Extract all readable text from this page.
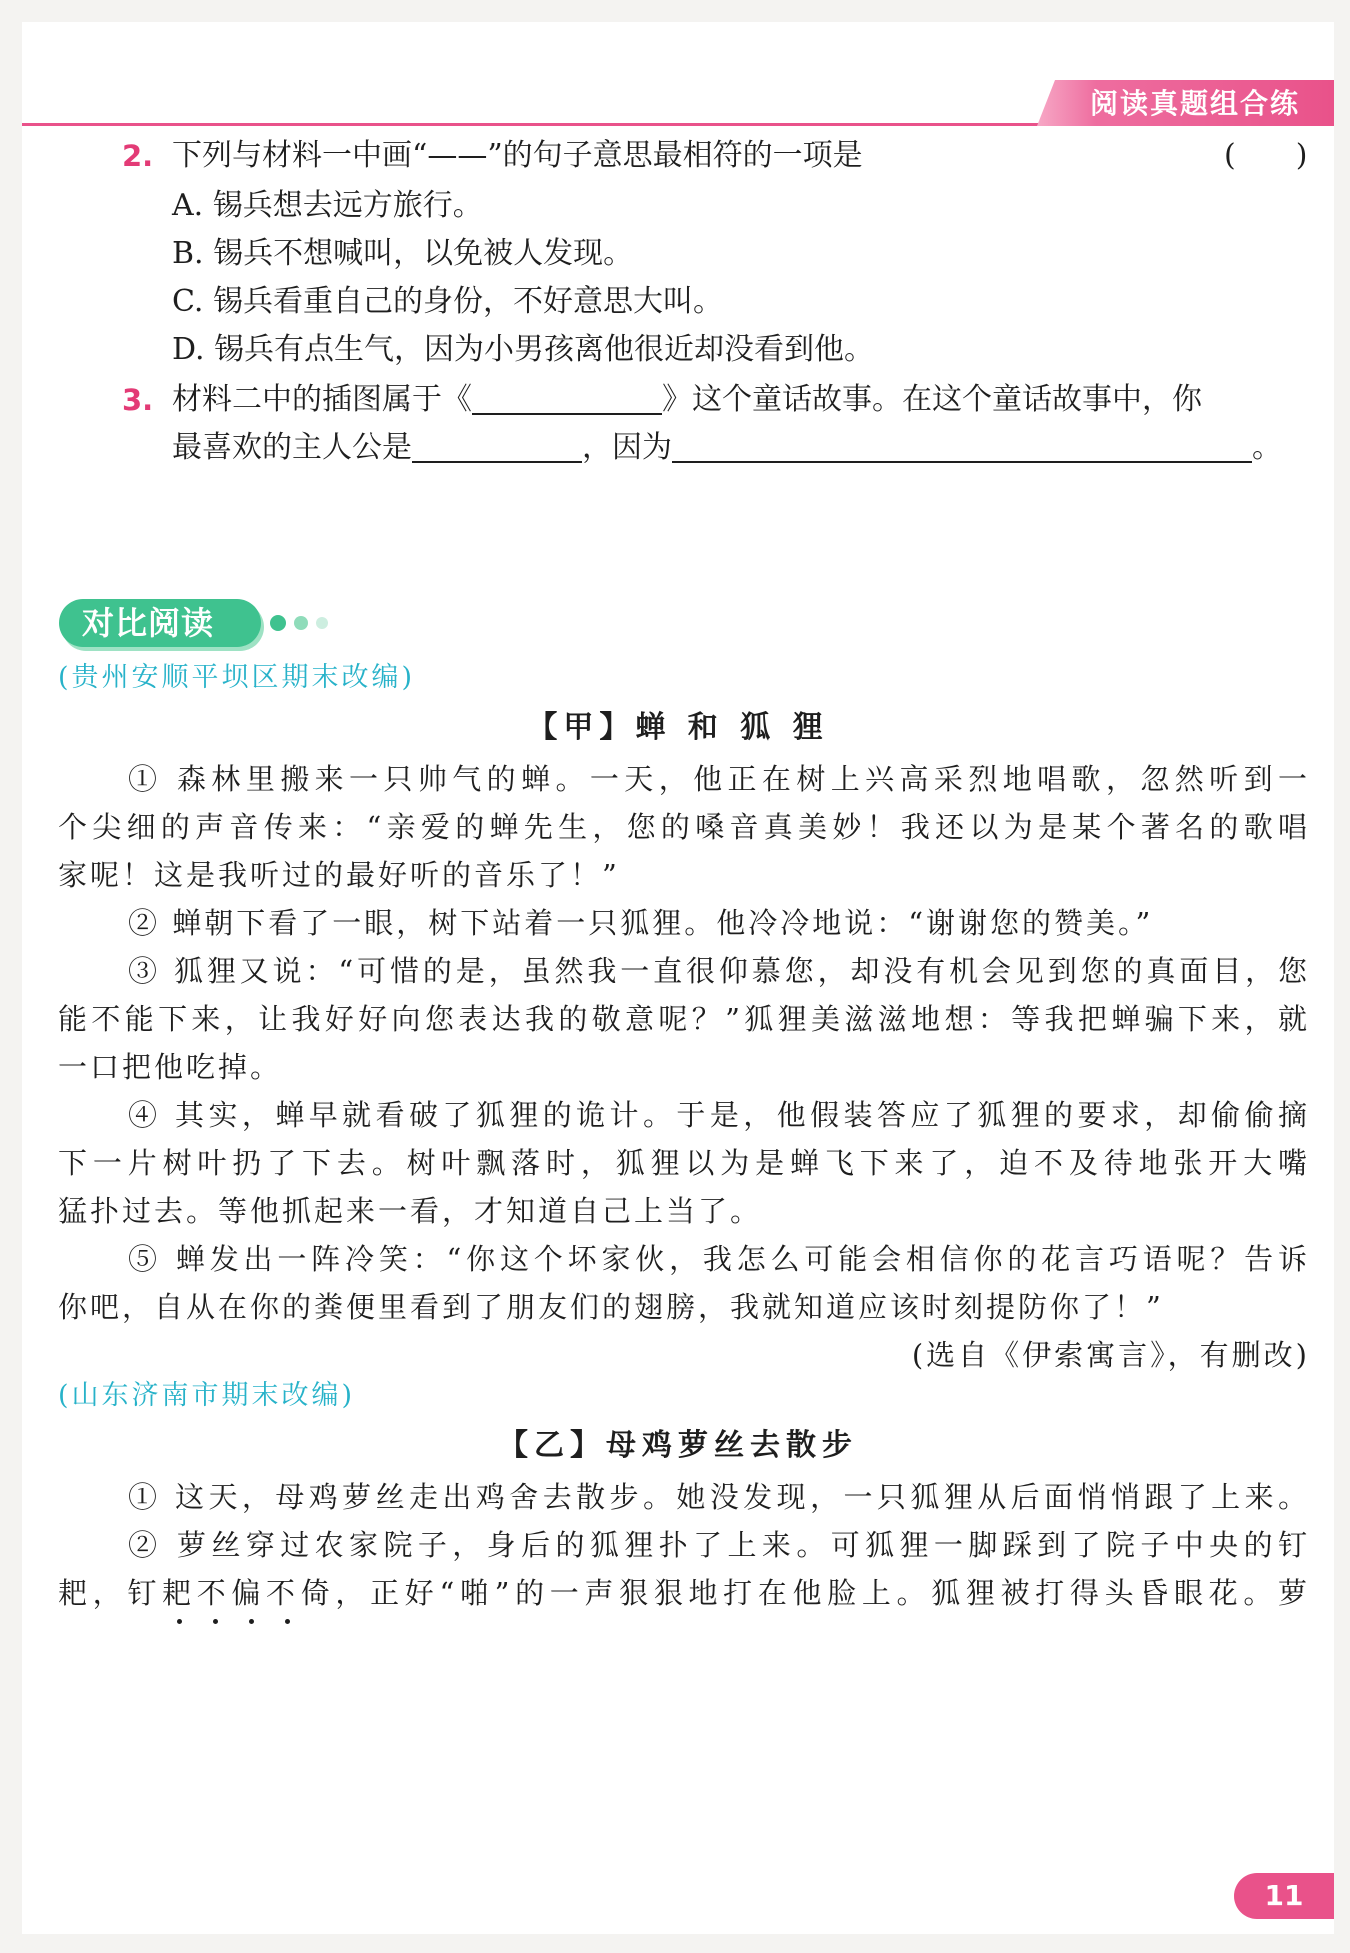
阅读真题组合练
2. 下列与材料一中画“——”的句子意思最相符的一项是	(　　)
A. 锡兵想去远方旅行。
B. 锡兵不想喊叫，以免被人发现。
C. 锡兵看重自己的身份，不好意思大叫。
D. 锡兵有点生气，因为小男孩离他很近却没看到他。
3. 材料二中的插图属于《	》这个童话故事。在这个童话故事中，你
最喜欢的主人公是	，因为	。
对比阅读
(贵州安顺平坝区期末改编)
【甲】蝉 和 狐 狸
① 森林里搬来一只帅气的蝉。一天，他正在树上兴高采烈地唱歌，忽然听到一
个尖细的声音传来：“亲爱的蝉先生，您的嗓音真美妙！我还以为是某个著名的歌唱
家呢！这是我听过的最好听的音乐了！”
② 蝉朝下看了一眼，树下站着一只狐狸。他冷冷地说：“谢谢您的赞美。”
③ 狐狸又说：“可惜的是，虽然我一直很仰慕您，却没有机会见到您的真面目，您
能不能下来，让我好好向您表达我的敬意呢？”狐狸美滋滋地想：等我把蝉骗下来，就
一口把他吃掉。
④ 其实，蝉早就看破了狐狸的诡计。于是，他假装答应了狐狸的要求，却偷偷摘
下一片树叶扔了下去。树叶飘落时，狐狸以为是蝉飞下来了，迫不及待地张开大嘴
猛扑过去。等他抓起来一看，才知道自己上当了。
⑤ 蝉发出一阵冷笑：“你这个坏家伙，我怎么可能会相信你的花言巧语呢？告诉
你吧，自从在你的粪便里看到了朋友们的翅膀，我就知道应该时刻提防你了！”
(选自《伊索寓言》，有删改)
(山东济南市期末改编)
【乙】母鸡萝丝去散步
① 这天，母鸡萝丝走出鸡舍去散步。她没发现，一只狐狸从后面悄悄跟了上来。
② 萝丝穿过农家院子，身后的狐狸扑了上来。可狐狸一脚踩到了院子中央的钉
耙，钉耙不偏不倚，正好“啪”的一声狠狠地打在他脸上。狐狸被打得头昏眼花。萝
11
